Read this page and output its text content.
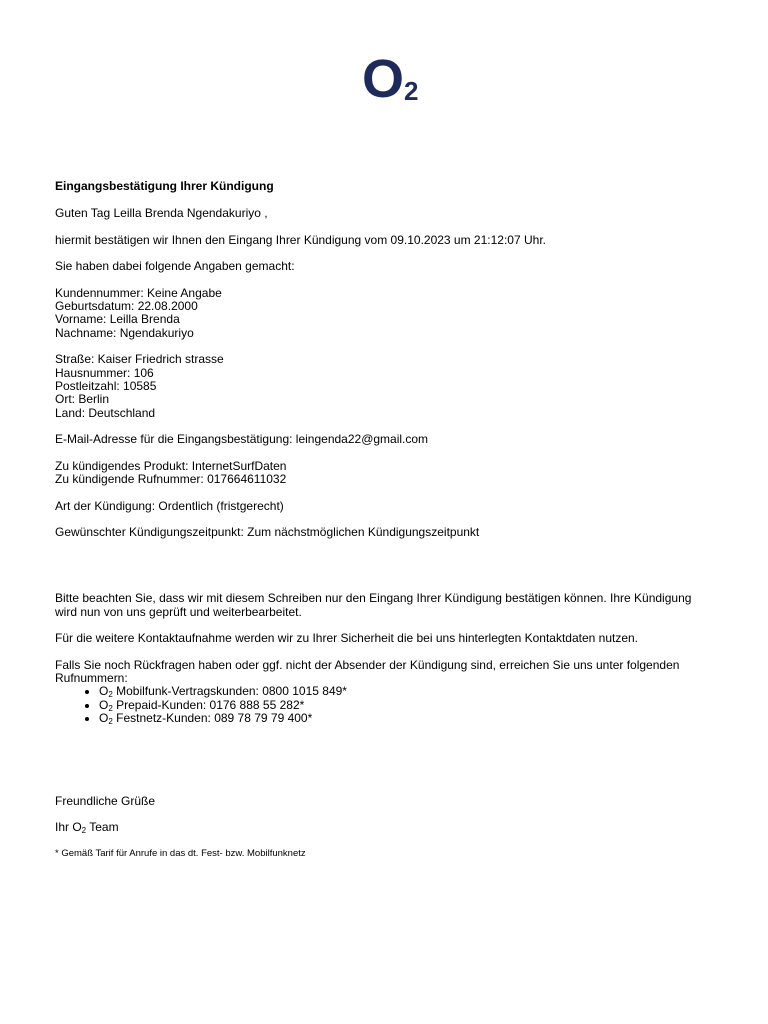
O 2
Eingangsbestätigung Ihrer Kündigung

Guten Tag Leilla Brenda Ngendakuriyo ,

hiermit bestätigen wir Ihnen den Eingang Ihrer Kündigung vom 09.10.2023 um 21:12:07 Uhr.

Sie haben dabei folgende Angaben gemacht:

Kundennummer: Keine Angabe
Geburtsdatum: 22.08.2000
Vorname: Leilla Brenda
Nachname: Ngendakuriyo
Straße: Kaiser Friedrich strasse
Hausnummer: 106
Postleitzahl: 10585
Ort: Berlin
Land: Deutschland

E-Mail-Adresse für die Eingangsbestätigung: leingenda22@gmail.com

Zu kündigendes Produkt: InternetSurfDaten
Zu kündigende Rufnummer: 017664611032

Art der Kündigung: Ordentlich (fristgerecht)

Gewünschter Kündigungszeitpunkt: Zum nächstmöglichen Kündigungszeitpunkt

Bitte beachten Sie, dass wir mit diesem Schreiben nur den Eingang Ihrer Kündigung bestätigen können. Ihre Kündigung wird nun von uns geprüft und weiterbearbeitet.

Für die weitere Kontaktaufnahme werden wir zu Ihrer Sicherheit die bei uns hinterlegten Kontaktdaten nutzen.

Falls Sie noch Rückfragen haben oder ggf. nicht der Absender der Kündigung sind, erreichen Sie uns unter folgenden Rufnummern:
• $O_2$ Mobilfunk-Vertragskunden: 0800 1015 849*
• $O_2$ Prepaid-Kunden: 0176 888 55 282*
• $O_2$ Festnetz-Kunden: 089 78 79 79 400*

Freundliche Grüße

Ihr $O_2$ Team

* Gemäß Tarif für Anrufe in das dt. Fest- bzw. Mobilfunknetz
